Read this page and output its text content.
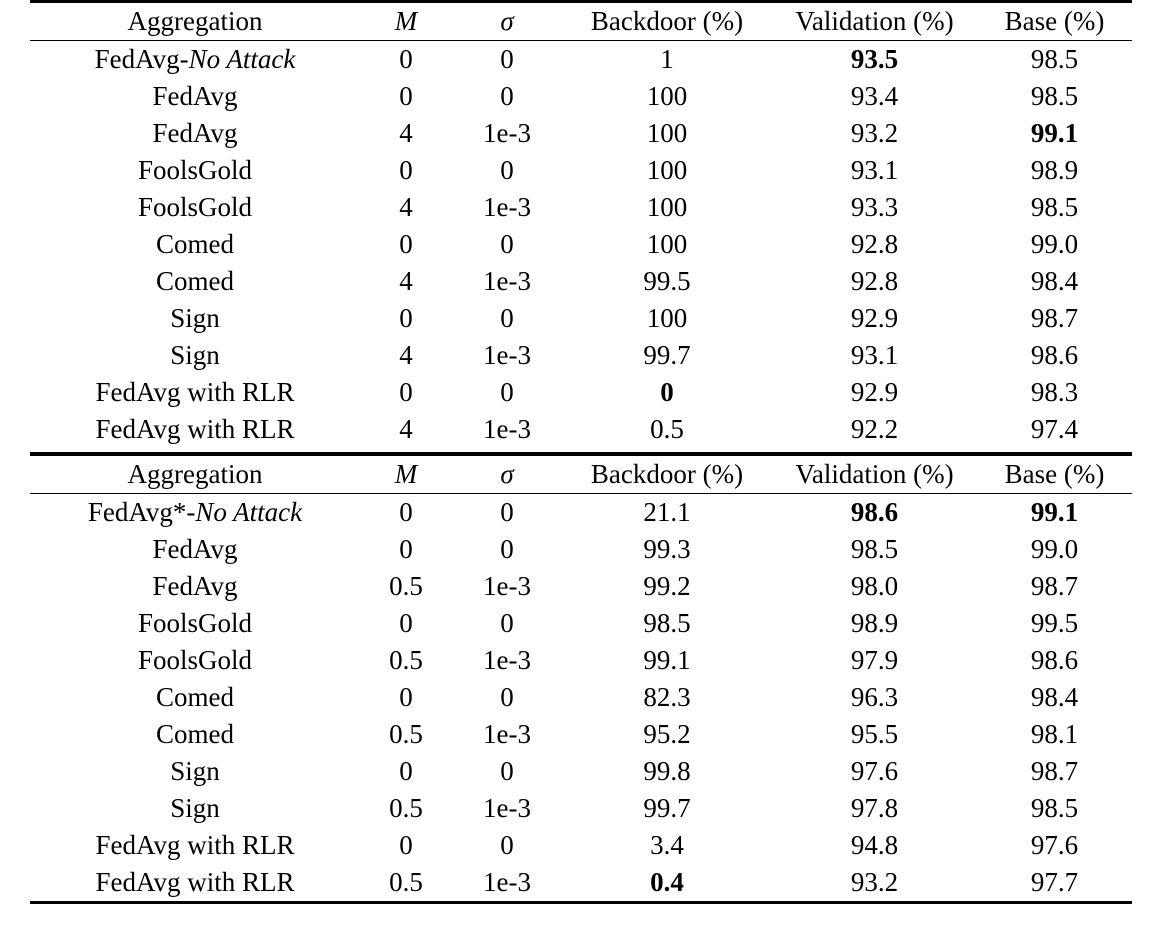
Aggregation	M	σ	Backdoor (%)	Validation (%)	Base (%)
FedAvg-No Attack	0	0	1	93.5	98.5
FedAvg	0	0	100	93.4	98.5
FedAvg	4	1e-3	100	93.2	99.1
FoolsGold	0	0	100	93.1	98.9
FoolsGold	4	1e-3	100	93.3	98.5
Comed	0	0	100	92.8	99.0
Comed	4	1e-3	99.5	92.8	98.4
Sign	0	0	100	92.9	98.7
Sign	4	1e-3	99.7	93.1	98.6
FedAvg with RLR	0	0	0	92.9	98.3
FedAvg with RLR	4	1e-3	0.5	92.2	97.4

Aggregation	M	σ	Backdoor (%)	Validation (%)	Base (%)
FedAvg*-No Attack	0	0	21.1	98.6	99.1
FedAvg	0	0	99.3	98.5	99.0
FedAvg	0.5	1e-3	99.2	98.0	98.7
FoolsGold	0	0	98.5	98.9	99.5
FoolsGold	0.5	1e-3	99.1	97.9	98.6
Comed	0	0	82.3	96.3	98.4
Comed	0.5	1e-3	95.2	95.5	98.1
Sign	0	0	99.8	97.6	98.7
Sign	0.5	1e-3	99.7	97.8	98.5
FedAvg with RLR	0	0	3.4	94.8	97.6
FedAvg with RLR	0.5	1e-3	0.4	93.2	97.7
